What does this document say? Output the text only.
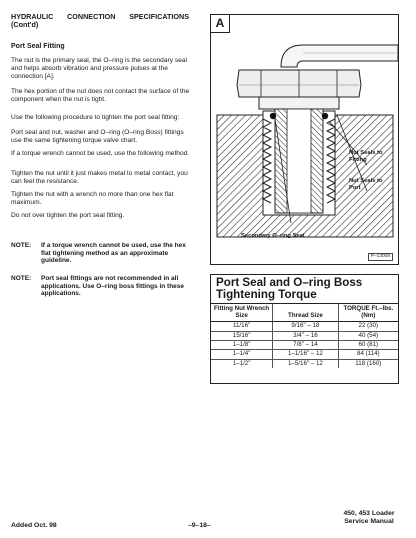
HYDRAULIC CONNECTION SPECIFICATIONS
(Cont'd)
Port Seal Fitting
The nut is the primary seal, the O–ring is the secondary seal and helps absorb vibration and pressure pulses at the connection [A].
The hex portion of the nut does not contact the surface of the component when the nut is tight.
Use the following procedure to tighten the port seal fitting:
Port seal and nut, washer and O–ring (O–ring Boss) fittings use the same tightening torque valve chart.
If a torque wrench cannot be used, use the following method.
Tighten the nut until it just makes metal to metal contact, you can feel the resistance.
Tighten the nut with a wrench no more than one hex flat maximum.
Do not over tighten the port seal fitting.
NOTE:	If a torque wrench cannot be used, use the hex flat tightening method as an approximate guideline.
NOTE:	Port seal fittings are not recommended in all applications. Use O–ring boss fittings in these applications.
A
Nut Seals to Fitting
Nut Seals to Port
Secondary O–ring Seal
P–13008
Port Seal and O–ring Boss Tightening Torque
Fitting Nut Wrench Size	Thread Size	TORQUE Ft.–lbs. (Nm)
11/16"	9/16" – 18	22 (30)
15/16"	3/4" – 16	40 (54)
1–1/8"	7/8" – 14	60 (81)
1–1/4"	1–1/16" – 12	84 (114)
1–1/2"	1–5/16" – 12	118 (160)
Added Oct. 98	–9–18–
450, 453 Loader
Service Manual
